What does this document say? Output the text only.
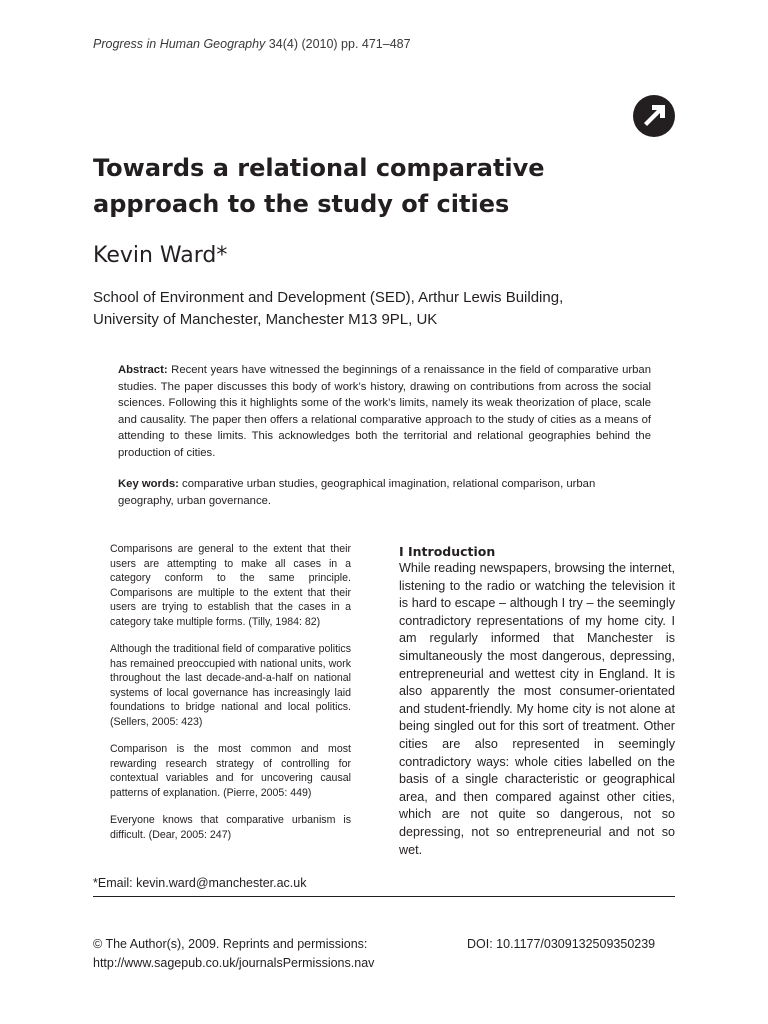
Progress in Human Geography 34(4) (2010) pp. 471–487
Towards a relational comparative approach to the study of cities
Kevin Ward*

School of Environment and Development (SED), Arthur Lewis Building,
University of Manchester, Manchester M13 9PL, UK

Abstract: Recent years have witnessed the beginnings of a renaissance in the field of comparative urban studies. The paper discusses this body of work’s history, drawing on contributions from across the social sciences. Following this it highlights some of the work’s limits, namely its weak theorization of place, scale and causality. The paper then offers a relational comparative approach to the study of cities as a means of attending to these limits. This acknowledges both the territorial and relational geographies behind the production of cities.

Key words: comparative urban studies, geographical imagination, relational comparison, urban geography, urban governance.

Comparisons are general to the extent that their users are attempting to make all cases in a category conform to the same principle. Comparisons are multiple to the extent that their users are trying to establish that the cases in a category take multiple forms. (Tilly, 1984: 82)

Although the traditional field of comparative politics has remained preoccupied with national units, work throughout the last decade-and-a-half on national systems of local governance has increasingly laid foundations to bridge national and local politics. (Sellers, 2005: 423)

Comparison is the most common and most rewarding research strategy of controlling for contextual variables and for uncovering causal patterns of explanation. (Pierre, 2005: 449)

Everyone knows that comparative urbanism is difficult. (Dear, 2005: 247)

I Introduction

While reading newspapers, browsing the internet, listening to the radio or watching the television it is hard to escape – although I try – the seemingly contradictory representations of my home city. I am regularly informed that Manchester is simultaneously the most dangerous, depressing, entrepreneurial and wettest city in England. It is also apparently the most consumer-orientated and student-friendly. My home city is not alone at being singled out for this sort of treatment. Other cities are also represented in seemingly contradictory ways: whole cities labelled on the basis of a single characteristic or geographical area, and then compared against other cities, which are not quite so dangerous, not so depressing, not so entrepreneurial and not so wet.

*Email: kevin.ward@manchester.ac.uk

© The Author(s), 2009. Reprints and permissions:
http://www.sagepub.co.uk/journalsPermissions.nav

DOI: 10.1177/0309132509350239
